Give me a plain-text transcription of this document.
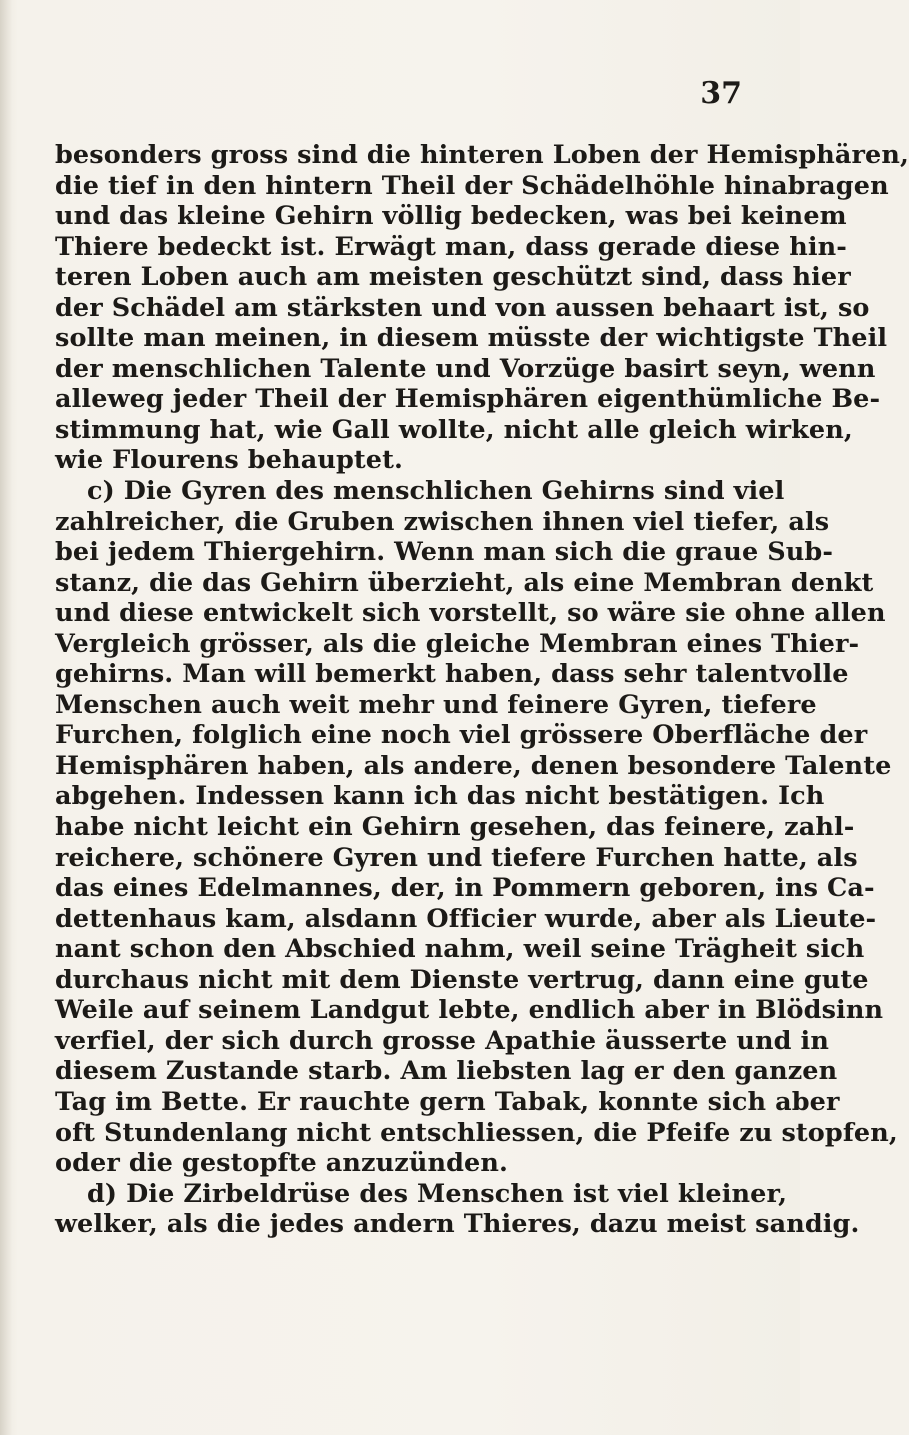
37
besonders gross sind die hinteren Loben der Hemisphären,
die tief in den hintern Theil der Schädelhöhle hinabragen
und das kleine Gehirn völlig bedecken, was bei keinem
Thiere bedeckt ist. Erwägt man, dass gerade diese hin-
teren Loben auch am meisten geschützt sind, dass hier
der Schädel am stärksten und von aussen behaart ist, so
sollte man meinen, in diesem müsste der wichtigste Theil
der menschlichen Talente und Vorzüge basirt seyn, wenn
alleweg jeder Theil der Hemisphären eigenthümliche Be-
stimmung hat, wie Gall wollte, nicht alle gleich wirken,
wie Flourens behauptet.
c) Die Gyren des menschlichen Gehirns sind viel
zahlreicher, die Gruben zwischen ihnen viel tiefer, als
bei jedem Thiergehirn. Wenn man sich die graue Sub-
stanz, die das Gehirn überzieht, als eine Membran denkt
und diese entwickelt sich vorstellt, so wäre sie ohne allen
Vergleich grösser, als die gleiche Membran eines Thier-
gehirns. Man will bemerkt haben, dass sehr talentvolle
Menschen auch weit mehr und feinere Gyren, tiefere
Furchen, folglich eine noch viel grössere Oberfläche der
Hemisphären haben, als andere, denen besondere Talente
abgehen. Indessen kann ich das nicht bestätigen. Ich
habe nicht leicht ein Gehirn gesehen, das feinere, zahl-
reichere, schönere Gyren und tiefere Furchen hatte, als
das eines Edelmannes, der, in Pommern geboren, ins Ca-
dettenhaus kam, alsdann Officier wurde, aber als Lieute-
nant schon den Abschied nahm, weil seine Trägheit sich
durchaus nicht mit dem Dienste vertrug, dann eine gute
Weile auf seinem Landgut lebte, endlich aber in Blödsinn
verfiel, der sich durch grosse Apathie äusserte und in
diesem Zustande starb. Am liebsten lag er den ganzen
Tag im Bette. Er rauchte gern Tabak, konnte sich aber
oft Stundenlang nicht entschliessen, die Pfeife zu stopfen,
oder die gestopfte anzuzünden.
d) Die Zirbeldrüse des Menschen ist viel kleiner,
welker, als die jedes andern Thieres, dazu meist sandig.
